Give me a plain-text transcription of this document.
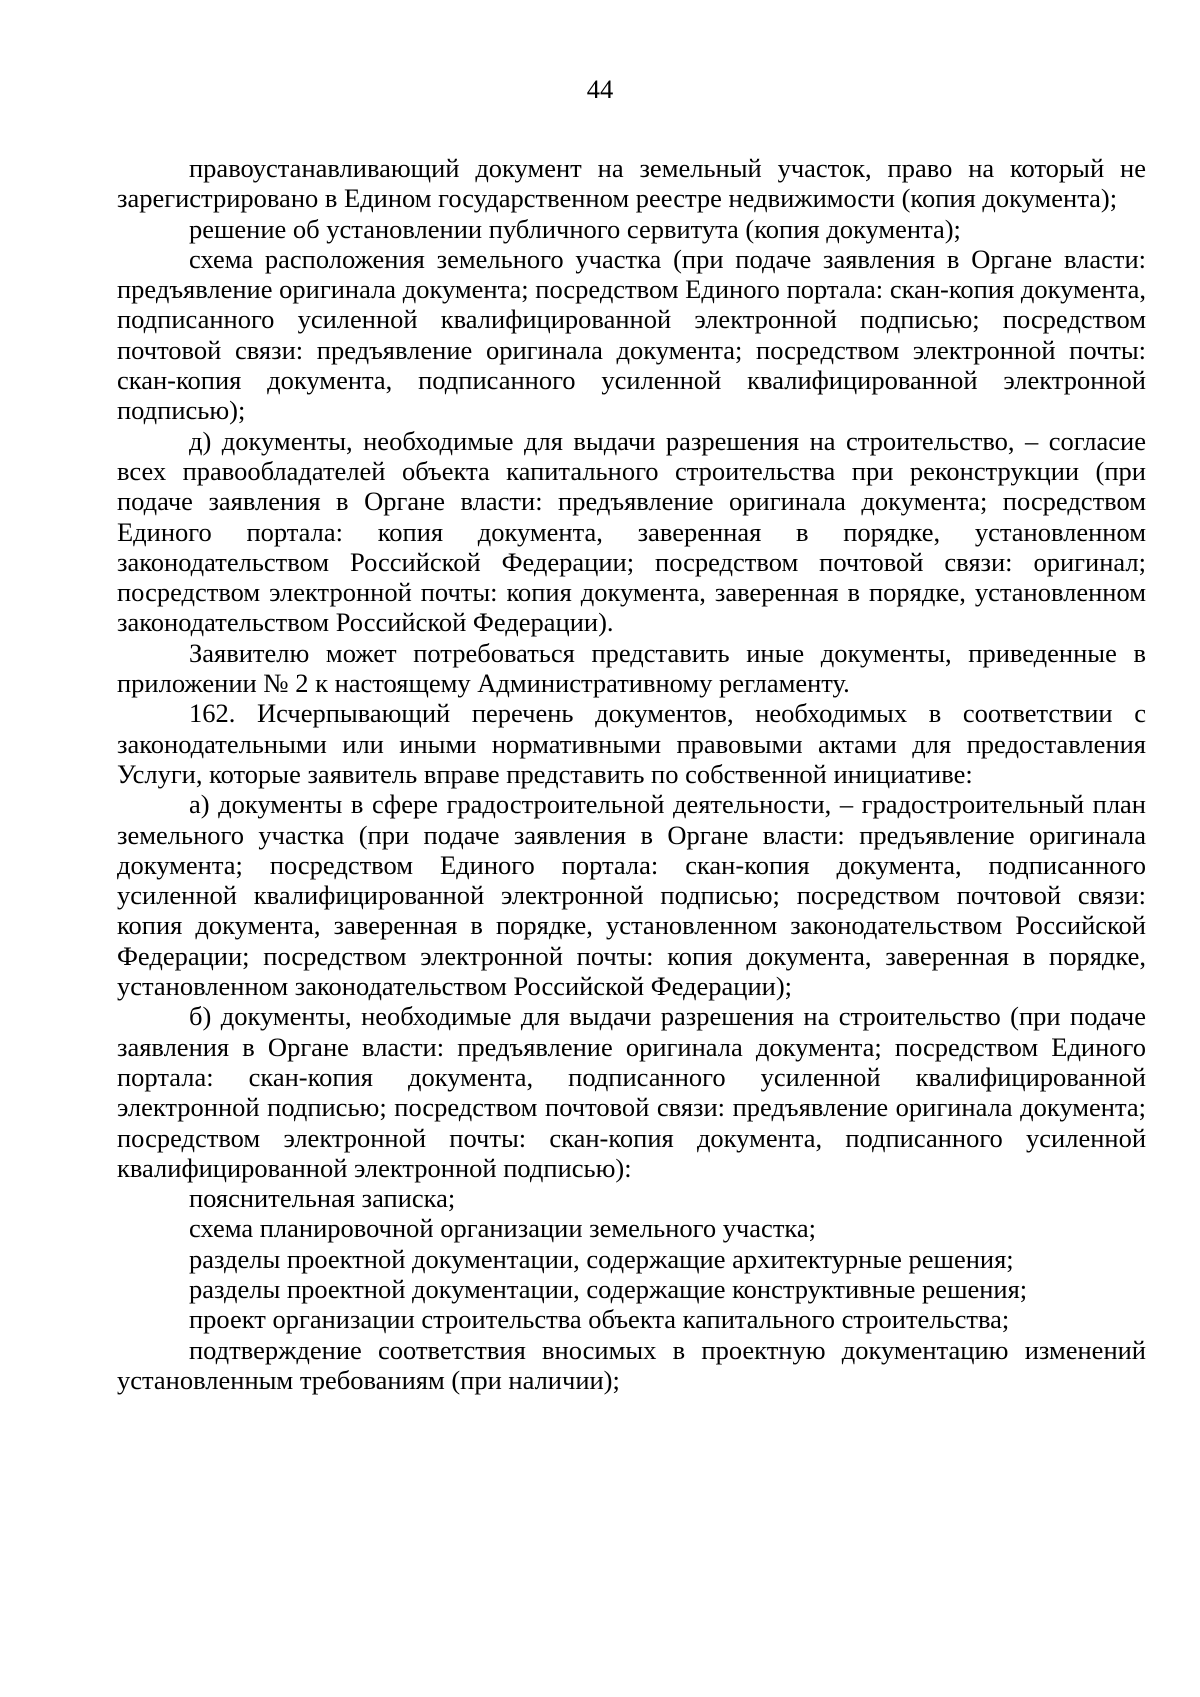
44

правоустанавливающий документ на земельный участок, право на который не зарегистрировано в Едином государственном реестре недвижимости (копия документа);

решение об установлении публичного сервитута (копия документа);

схема расположения земельного участка (при подаче заявления в Органе власти: предъявление оригинала документа; посредством Единого портала: скан-копия документа, подписанного усиленной квалифицированной электронной подписью; посредством почтовой связи: предъявление оригинала документа; посредством электронной почты: скан-копия документа, подписанного усиленной квалифицированной электронной подписью);

д) документы, необходимые для выдачи разрешения на строительство, – согласие всех правообладателей объекта капитального строительства при реконструкции (при подаче заявления в Органе власти: предъявление оригинала документа; посредством Единого портала: копия документа, заверенная в порядке, установленном законодательством Российской Федерации; посредством почтовой связи: оригинал; посредством электронной почты: копия документа, заверенная в порядке, установленном законодательством Российской Федерации).

Заявителю может потребоваться представить иные документы, приведенные в приложении № 2 к настоящему Административному регламенту.

162. Исчерпывающий перечень документов, необходимых в соответствии с законодательными или иными нормативными правовыми актами для предоставления Услуги, которые заявитель вправе представить по собственной инициативе:

а) документы в сфере градостроительной деятельности, – градостроительный план земельного участка (при подаче заявления в Органе власти: предъявление оригинала документа; посредством Единого портала: скан-копия документа, подписанного усиленной квалифицированной электронной подписью; посредством почтовой связи: копия документа, заверенная в порядке, установленном законодательством Российской Федерации; посредством электронной почты: копия документа, заверенная в порядке, установленном законодательством Российской Федерации);

б) документы, необходимые для выдачи разрешения на строительство (при подаче заявления в Органе власти: предъявление оригинала документа; посредством Единого портала: скан-копия документа, подписанного усиленной квалифицированной электронной подписью; посредством почтовой связи: предъявление оригинала документа; посредством электронной почты: скан-копия документа, подписанного усиленной квалифицированной электронной подписью):

пояснительная записка;

схема планировочной организации земельного участка;

разделы проектной документации, содержащие архитектурные решения;

разделы проектной документации, содержащие конструктивные решения;

проект организации строительства объекта капитального строительства;

подтверждение соответствия вносимых в проектную документацию изменений установленным требованиям (при наличии);
